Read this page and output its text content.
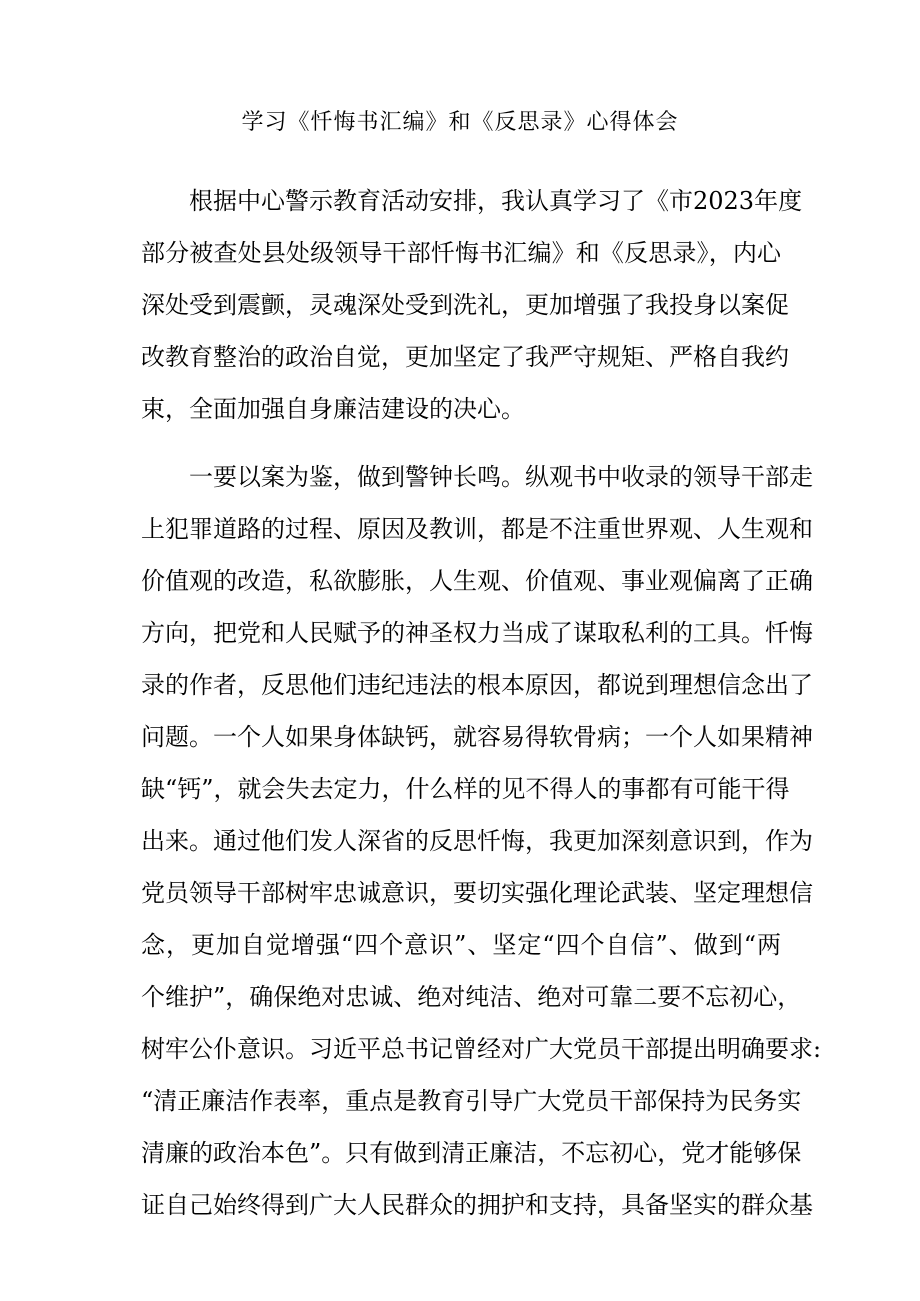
学习《忏悔书汇编》和《反思录》心得体会
根据中心警示教育活动安排，我认真学习了《市2023年度
部分被查处县处级领导干部忏悔书汇编》和《反思录》，内心
深处受到震颤，灵魂深处受到洗礼，更加增强了我投身以案促
改教育整治的政治自觉，更加坚定了我严守规矩、严格自我约
束，全面加强自身廉洁建设的决心。
一要以案为鉴，做到警钟长鸣。纵观书中收录的领导干部走
上犯罪道路的过程、原因及教训，都是不注重世界观、人生观和
价值观的改造，私欲膨胀，人生观、价值观、事业观偏离了正确
方向，把党和人民赋予的神圣权力当成了谋取私利的工具。忏悔
录的作者，反思他们违纪违法的根本原因，都说到理想信念出了
问题。一个人如果身体缺钙，就容易得软骨病；一个人如果精神
缺“钙”，就会失去定力，什么样的见不得人的事都有可能干得
出来。通过他们发人深省的反思忏悔，我更加深刻意识到，作为
党员领导干部树牢忠诚意识，要切实强化理论武装、坚定理想信
念，更加自觉增强“四个意识”、坚定“四个自信”、做到“两
个维护”，确保绝对忠诚、绝对纯洁、绝对可靠二要不忘初心，
树牢公仆意识。习近平总书记曾经对广大党员干部提出明确要求:
“清正廉洁作表率，重点是教育引导广大党员干部保持为民务实
清廉的政治本色”。只有做到清正廉洁，不忘初心，党才能够保
证自己始终得到广大人民群众的拥护和支持，具备坚实的群众基
